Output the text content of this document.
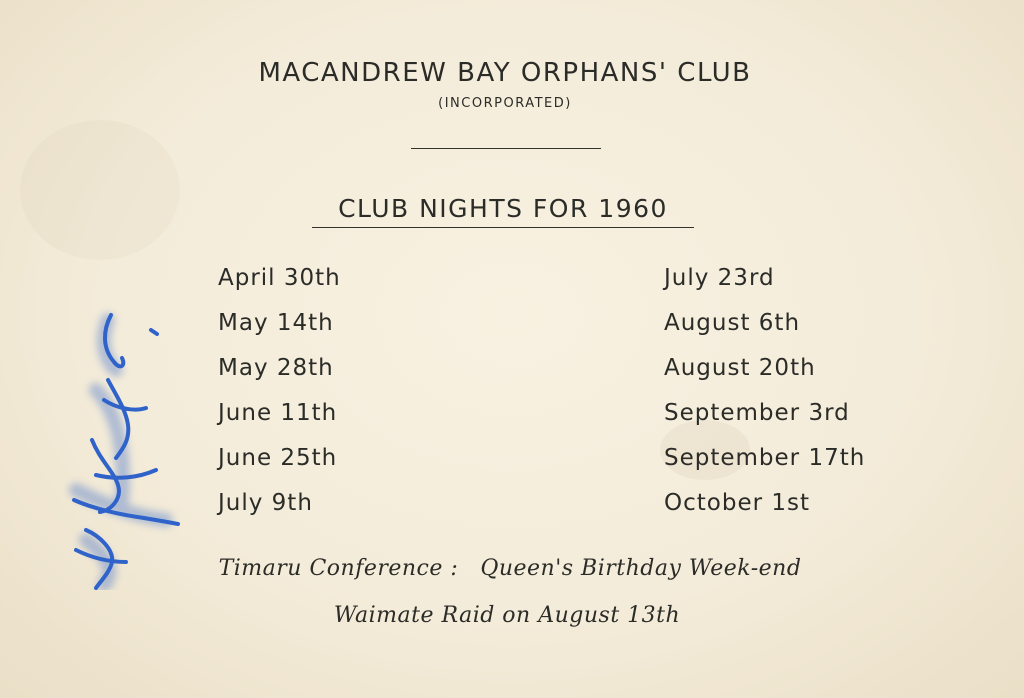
MACANDREW BAY ORPHANS' CLUB
(INCORPORATED)
CLUB NIGHTS FOR 1960
April 30th
May 14th
May 28th
June 11th
June 25th
July 9th
July 23rd
August 6th
August 20th
September 3rd
September 17th
October 1st
Timaru Conference : Queen's Birthday Week-end
Waimate Raid on August 13th
